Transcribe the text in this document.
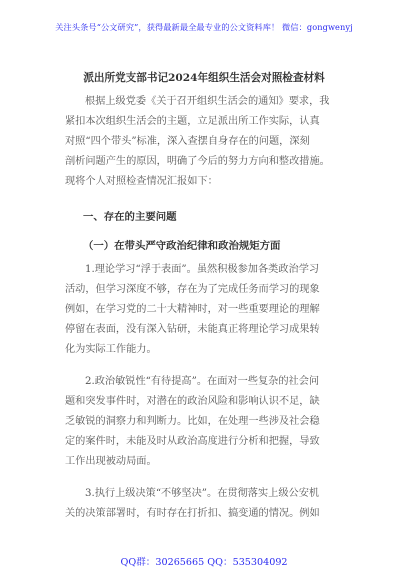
关注头条号“公文研究”，获得最新最全最专业的公文资料库！ 微信：gongwenyj
派出所党支部书记2024年组织生活会对照检查材料
根据上级党委《关于召开组织生活会的通知》要求，我
紧扣本次组织生活会的主题，立足派出所工作实际，认真
对照“四个带头”标准，深入查摆自身存在的问题，深刻
剖析问题产生的原因，明确了今后的努力方向和整改措施。
现将个人对照检查情况汇报如下：
一、存在的主要问题
（一）在带头严守政治纪律和政治规矩方面
1.理论学习“浮于表面”。虽然积极参加各类政治学习
活动，但学习深度不够，存在为了完成任务而学习的现象
例如，在学习党的二十大精神时，对一些重要理论的理解
停留在表面，没有深入钻研，未能真正将理论学习成果转
化为实际工作能力。
2.政治敏锐性“有待提高”。在面对一些复杂的社会问
题和突发事件时，对潜在的政治风险和影响认识不足，缺
乏敏锐的洞察力和判断力。比如，在处理一些涉及社会稳
定的案件时，未能及时从政治高度进行分析和把握，导致
工作出现被动局面。
3.执行上级决策“不够坚决”。在贯彻落实上级公安机
关的决策部署时，有时存在打折扣、搞变通的情况。例如
QQ群：30265665 QQ：535304092
